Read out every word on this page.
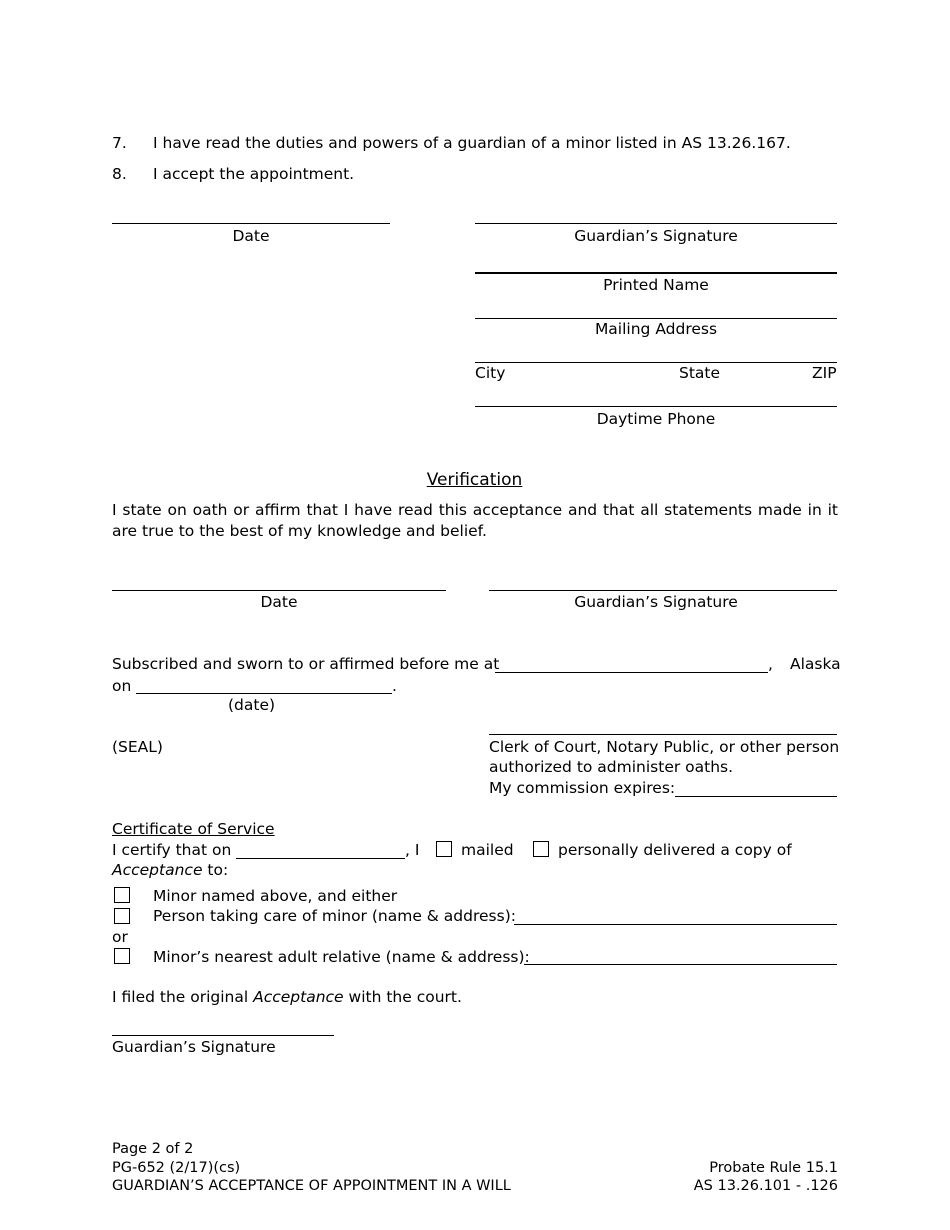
7. I have read the duties and powers of a guardian of a minor listed in AS 13.26.167.
8. I accept the appointment.
Date	Guardian’s Signature
Printed Name
Mailing Address
City	State	ZIP
Daytime Phone
Verification
I state on oath or affirm that I have read this acceptance and that all statements made in it are true to the best of my knowledge and belief.
Date	Guardian’s Signature
Subscribed and sworn to or affirmed before me at	, Alaska
on	.
(date)
(SEAL)	Clerk of Court, Notary Public, or other person
authorized to administer oaths.
My commission expires:
Certificate of Service
I certify that on	, I	mailed	personally delivered a copy of
Acceptance to:
Minor named above, and either
Person taking care of minor (name & address):
or
Minor’s nearest adult relative (name & address):
I filed the original Acceptance with the court.
Guardian’s Signature
Page 2 of 2
PG-652 (2/17)(cs)
GUARDIAN’S ACCEPTANCE OF APPOINTMENT IN A WILL
Probate Rule 15.1
AS 13.26.101 - .126
